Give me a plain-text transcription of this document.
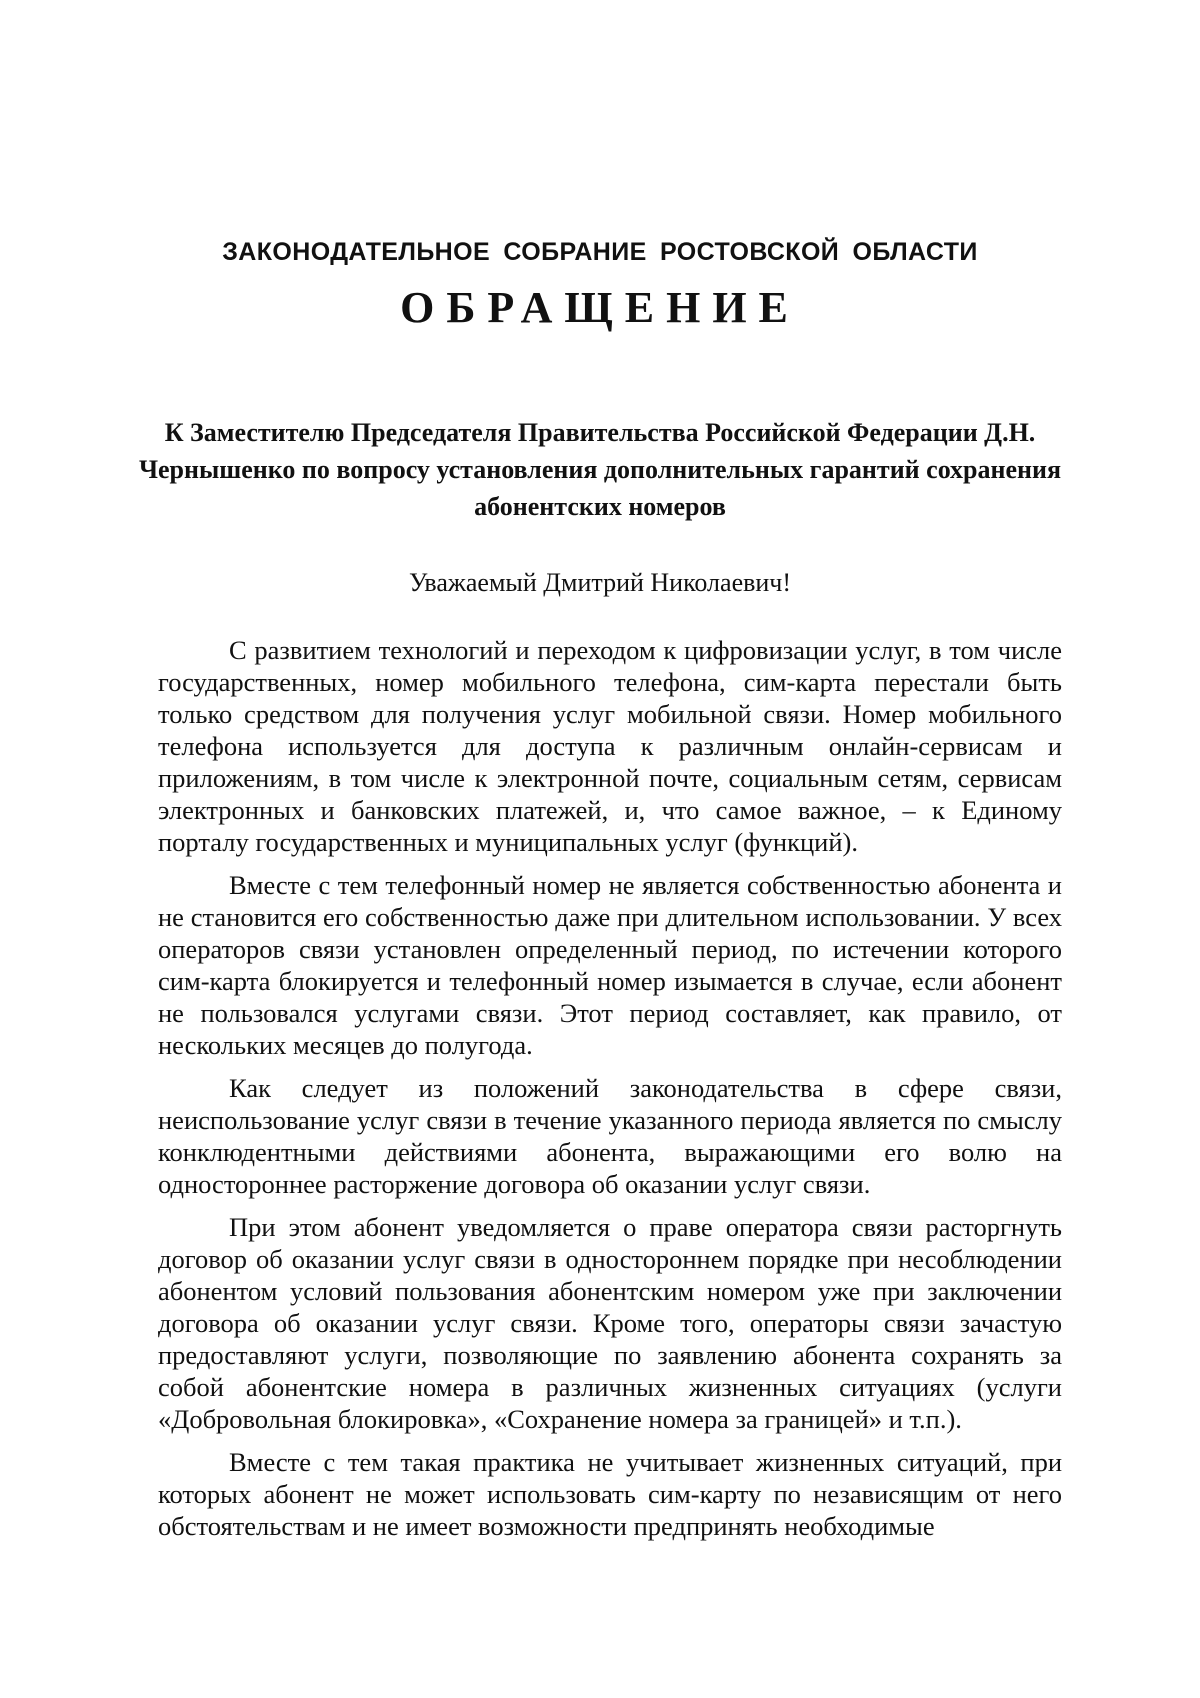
ЗАКОНОДАТЕЛЬНОЕ СОБРАНИЕ РОСТОВСКОЙ ОБЛАСТИ
ОБРАЩЕНИЕ
К Заместителю Председателя Правительства Российской Федерации Д.Н. Чернышенко по вопросу установления дополнительных гарантий сохранения абонентских номеров

Уважаемый Дмитрий Николаевич!

С развитием технологий и переходом к цифровизации услуг, в том числе государственных, номер мобильного телефона, сим-карта перестали быть только средством для получения услуг мобильной связи. Номер мобильного телефона используется для доступа к различным онлайн-сервисам и приложениям, в том числе к электронной почте, социальным сетям, сервисам электронных и банковских платежей, и, что самое важное, – к Единому порталу государственных и муниципальных услуг (функций).

Вместе с тем телефонный номер не является собственностью абонента и не становится его собственностью даже при длительном использовании. У всех операторов связи установлен определенный период, по истечении которого сим-карта блокируется и телефонный номер изымается в случае, если абонент не пользовался услугами связи. Этот период составляет, как правило, от нескольких месяцев до полугода.

Как следует из положений законодательства в сфере связи, неиспользование услуг связи в течение указанного периода является по смыслу конклюдентными действиями абонента, выражающими его волю на одностороннее расторжение договора об оказании услуг связи.

При этом абонент уведомляется о праве оператора связи расторгнуть договор об оказании услуг связи в одностороннем порядке при несоблюдении абонентом условий пользования абонентским номером уже при заключении договора об оказании услуг связи. Кроме того, операторы связи зачастую предоставляют услуги, позволяющие по заявлению абонента сохранять за собой абонентские номера в различных жизненных ситуациях (услуги «Добровольная блокировка», «Сохранение номера за границей» и т.п.).

Вместе с тем такая практика не учитывает жизненных ситуаций, при которых абонент не может использовать сим-карту по независящим от него обстоятельствам и не имеет возможности предпринять необходимые
